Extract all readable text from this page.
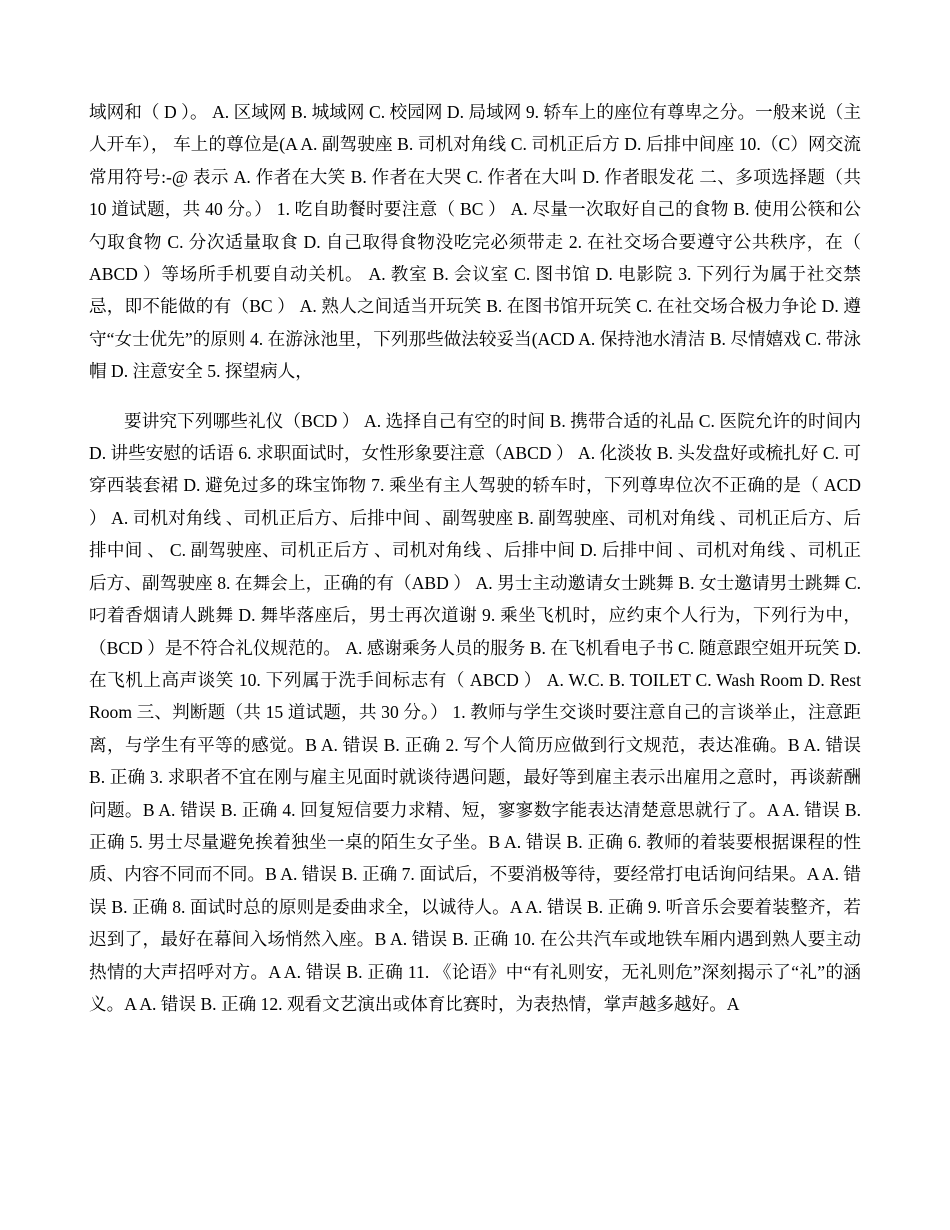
域网和（ D ）。 A. 区域网 B. 城域网 C. 校园网 D. 局域网 9. 轿车上的座位有尊卑之分。一般来说（主人开车）， 车上的尊位是(A A. 副驾驶座 B. 司机对角线 C. 司机正后方 D. 后排中间座 10.（C）网交流常用符号:-@ 表示 A. 作者在大笑 B. 作者在大哭 C. 作者在大叫 D. 作者眼发花 二、多项选择题（共 10 道试题，共 40 分。） 1. 吃自助餐时要注意（ BC ） A. 尽量一次取好自己的食物 B. 使用公筷和公勺取食物 C. 分次适量取食 D. 自己取得食物没吃完必须带走 2. 在社交场合要遵守公共秩序，在（ ABCD ）等场所手机要自动关机。 A. 教室 B. 会议室 C. 图书馆 D. 电影院 3. 下列行为属于社交禁忌，即不能做的有（BC ） A. 熟人之间适当开玩笑 B. 在图书馆开玩笑 C. 在社交场合极力争论 D. 遵守“女士优先”的原则 4. 在游泳池里，下列那些做法较妥当(ACD A. 保持池水清洁 B. 尽情嬉戏 C. 带泳帽 D. 注意安全 5. 探望病人，

要讲究下列哪些礼仪（BCD ） A. 选择自己有空的时间 B. 携带合适的礼品 C. 医院允许的时间内 D. 讲些安慰的话语 6. 求职面试时，女性形象要注意（ABCD ） A. 化淡妆 B. 头发盘好或梳扎好 C. 可穿西装套裙 D. 避免过多的珠宝饰物 7. 乘坐有主人驾驶的轿车时，下列尊卑位次不正确的是（ ACD ） A. 司机对角线 、司机正后方、后排中间 、副驾驶座 B. 副驾驶座、司机对角线 、司机正后方、后排中间 、 C. 副驾驶座、司机正后方 、司机对角线 、后排中间 D. 后排中间 、司机对角线 、司机正后方、副驾驶座 8. 在舞会上，正确的有（ABD ） A. 男士主动邀请女士跳舞 B. 女士邀请男士跳舞 C. 叼着香烟请人跳舞 D. 舞毕落座后，男士再次道谢 9. 乘坐飞机时，应约束个人行为，下列行为中，（BCD ）是不符合礼仪规范的。 A. 感谢乘务人员的服务 B. 在飞机看电子书 C. 随意跟空姐开玩笑 D. 在飞机上高声谈笑 10. 下列属于洗手间标志有（ ABCD ） A. W.C. B. TOILET C. Wash Room D. Rest Room 三、判断题（共 15 道试题，共 30 分。） 1. 教师与学生交谈时要注意自己的言谈举止，注意距离，与学生有平等的感觉。B A. 错误 B. 正确 2. 写个人简历应做到行文规范，表达准确。B A. 错误 B. 正确 3. 求职者不宜在刚与雇主见面时就谈待遇问题，最好等到雇主表示出雇用之意时，再谈薪酬问题。B A. 错误 B. 正确 4. 回复短信要力求精、短，寥寥数字能表达清楚意思就行了。A A. 错误 B. 正确 5. 男士尽量避免挨着独坐一桌的陌生女子坐。B A. 错误 B. 正确 6. 教师的着装要根据课程的性质、内容不同而不同。B A. 错误 B. 正确 7. 面试后，不要消极等待，要经常打电话询问结果。A A. 错误 B. 正确 8. 面试时总的原则是委曲求全，以诚待人。A A. 错误 B. 正确 9. 听音乐会要着装整齐，若迟到了，最好在幕间入场悄然入座。B A. 错误 B. 正确 10. 在公共汽车或地铁车厢内遇到熟人要主动热情的大声招呼对方。A A. 错误 B. 正确 11. 《论语》中“有礼则安，无礼则危”深刻揭示了“礼”的涵义。A A. 错误 B. 正确 12. 观看文艺演出或体育比赛时，为表热情，掌声越多越好。A
